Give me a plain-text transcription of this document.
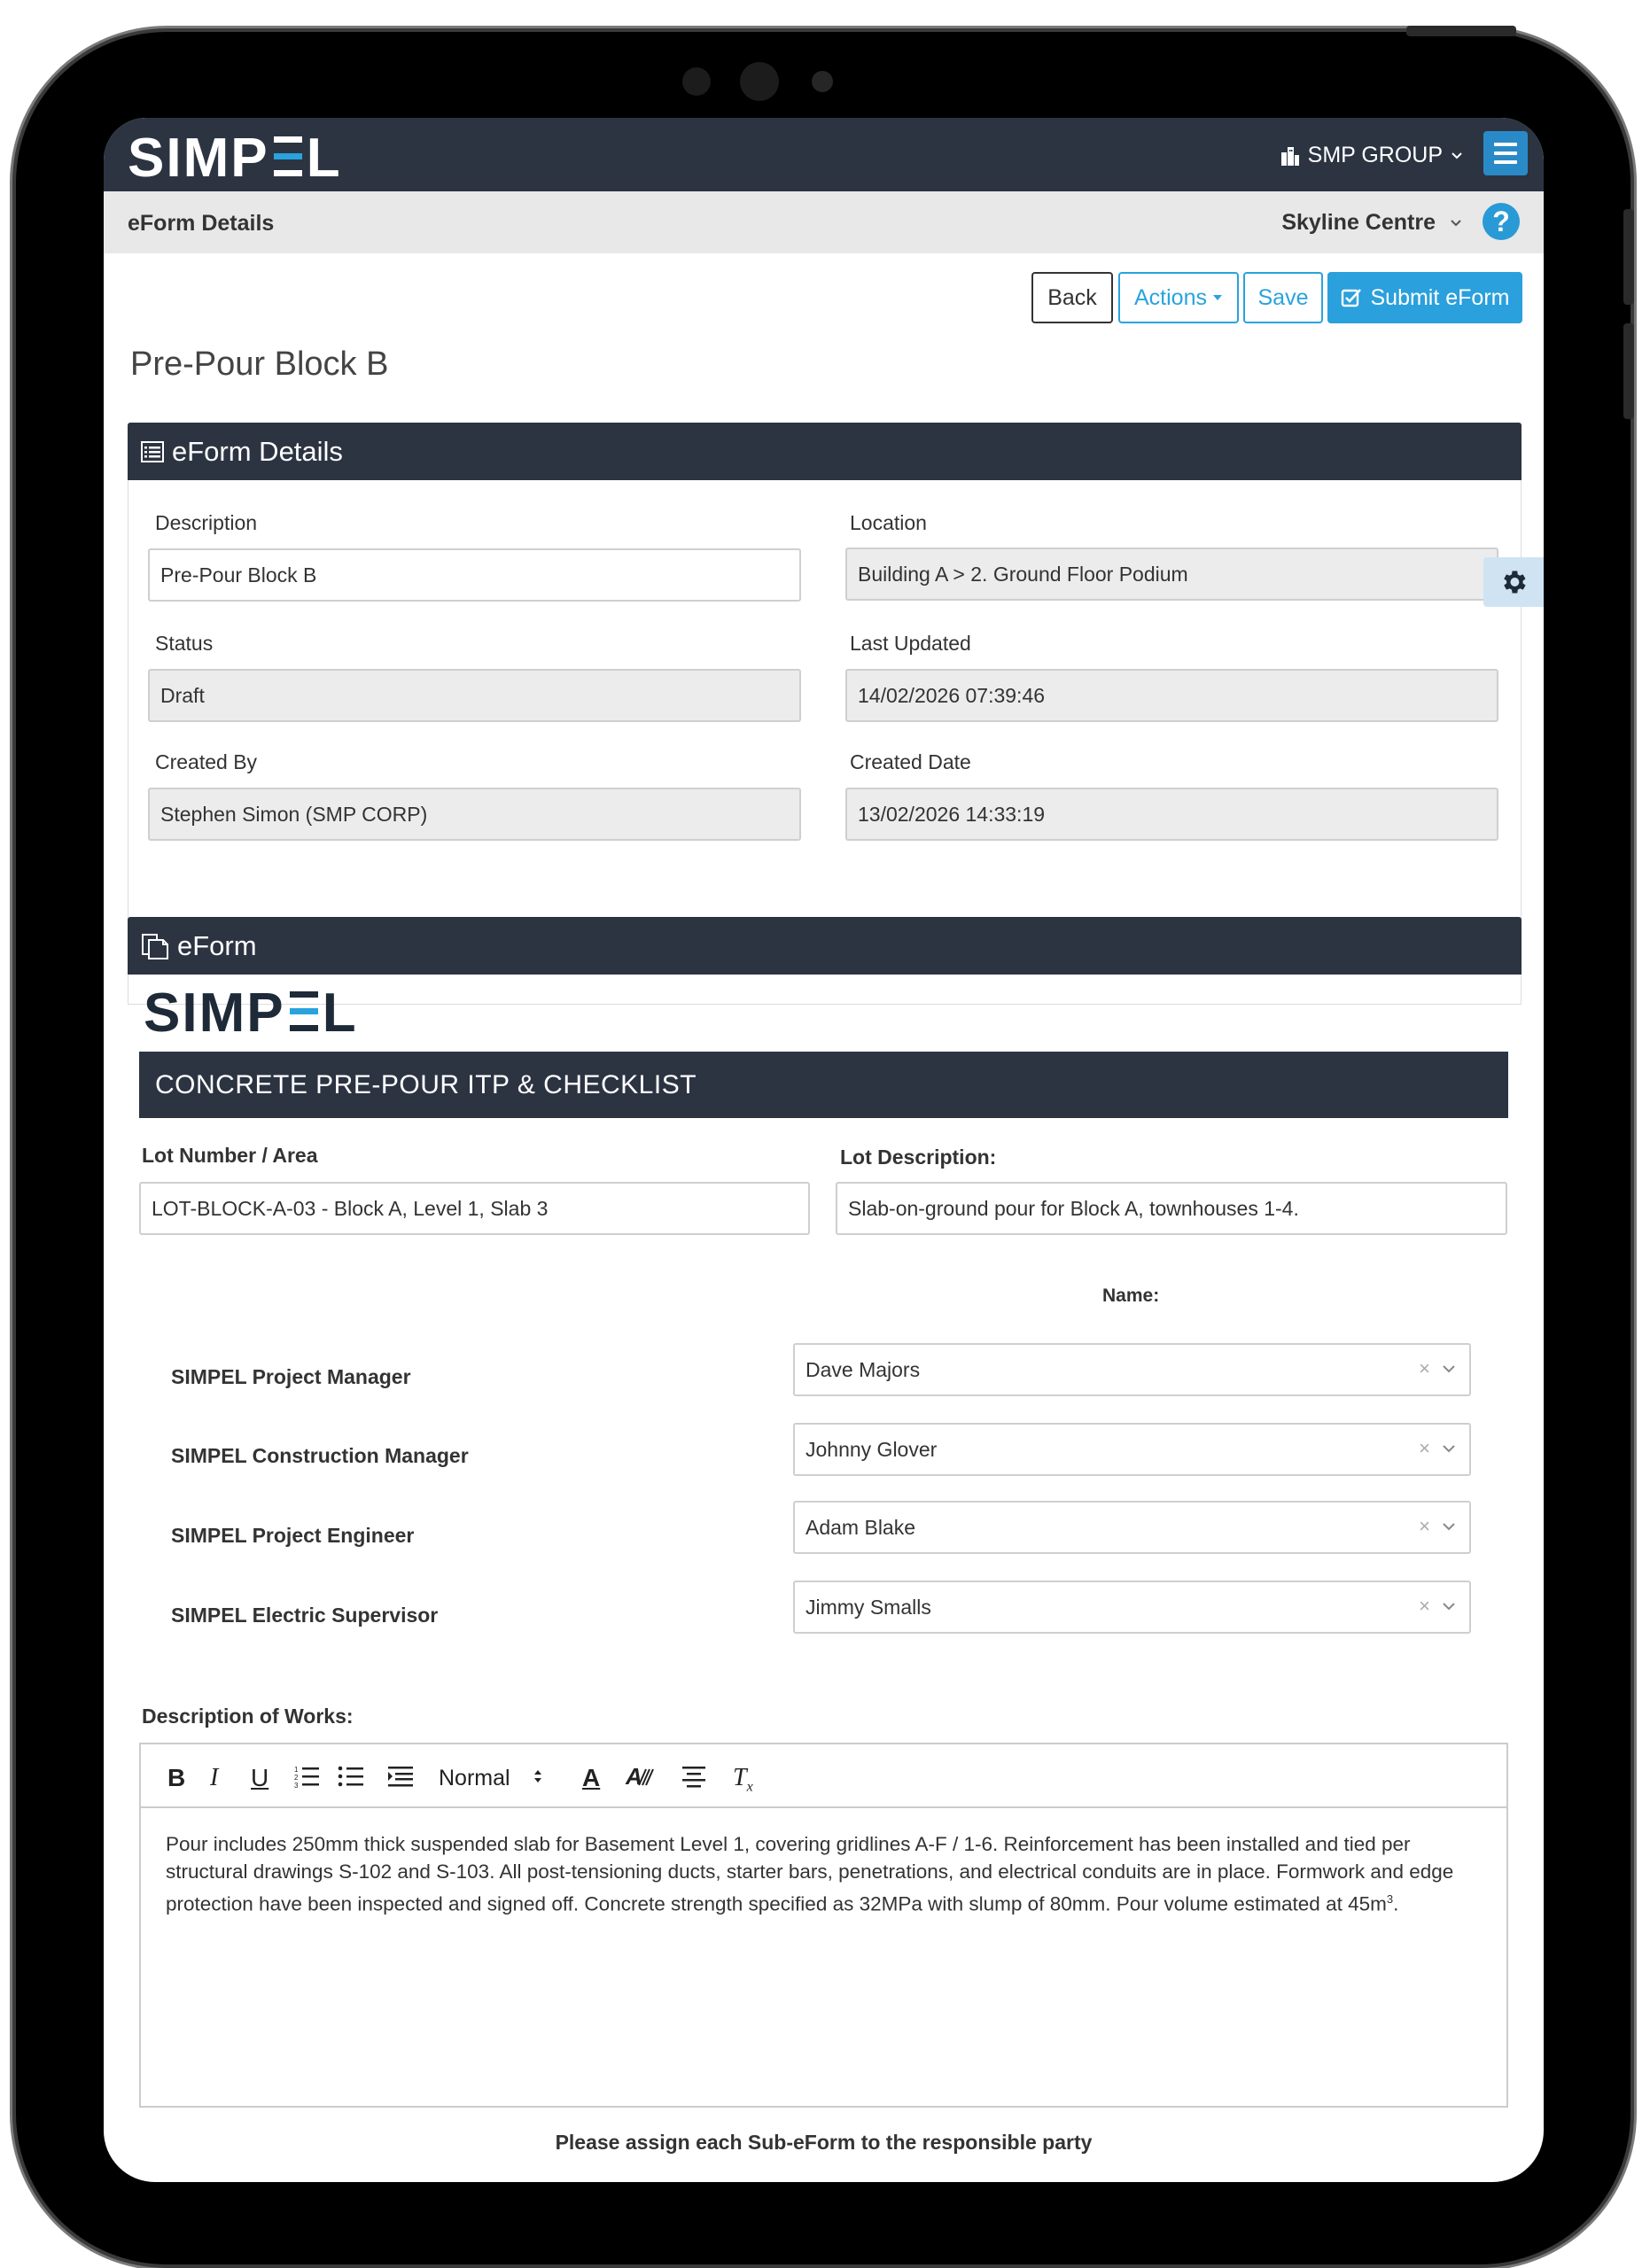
SIMP L	SMP GROUP
eForm Details	Skyline Centre	?
Back Actions Save	Submit eForm
Pre-Pour Block B
eForm Details
Description
Pre-Pour Block B
Location
Building A > 2. Ground Floor Podium
Status
Draft
Last Updated
14/02/2026 07:39:46
Created By
Stephen Simon (SMP CORP)
Created Date
13/02/2026 14:33:19
eForm
SIMP L
CONCRETE PRE-POUR ITP & CHECKLIST
Lot Number / Area
LOT-BLOCK-A-03 - Block A, Level 1, Slab 3
Lot Description:
Slab-on-ground pour for Block A, townhouses 1-4.
Name:
SIMPEL Project Manager	Dave Majors	×
SIMPEL Construction Manager	Johnny Glover	×
SIMPEL Project Engineer	Adam Blake	×
SIMPEL Electric Supervisor	Jimmy Smalls	×
Description of Works:
B I U	1
2
3	Normal	A A	$T_x$
Pour includes 250mm thick suspended slab for Basement Level 1, covering gridlines A-F / 1-6. Reinforcement has been installed and tied per structural drawings S-102 and S-103. All post-tensioning ducts, starter bars, penetrations, and electrical conduits are in place. Formwork and edge protection have been inspected and signed off. Concrete strength specified as 32MPa with slump of 80mm. Pour volume estimated at $45m^3$.
Please assign each Sub-eForm to the responsible party
